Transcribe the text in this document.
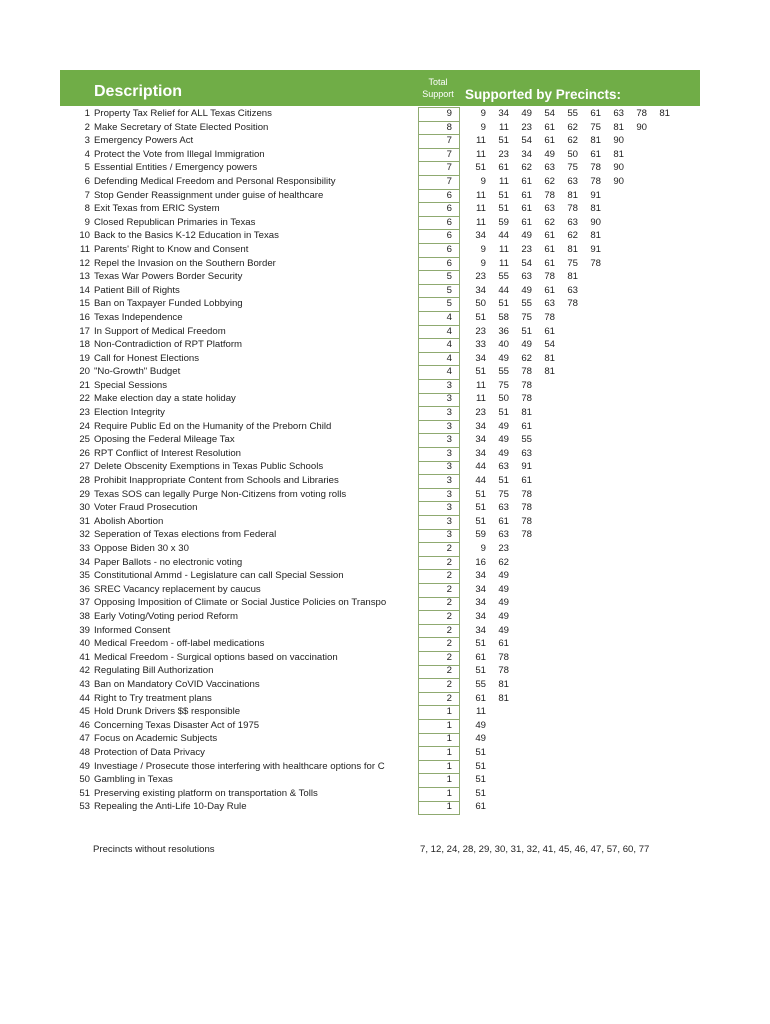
Description
Total Support Supported by Precincts:
1 Property Tax Relief for ALL Texas Citizens	9	9	34	49	54	55	61	63	78	81
2 Make Secretary of State Elected Position	8	9	11	23	61	62	75	81	90
3 Emergency Powers Act	7	11	51	54	61	62	81	90
4 Protect the Vote from Illegal Immigration	7	11	23	34	49	50	61	81
5 Essential Entities / Emergency powers	7	51	61	62	63	75	78	90
6 Defending Medical Freedom and Personal Responsibility	7	9	11	61	62	63	78	90
7 Stop Gender Reassignment under guise of healthcare	6	11	51	61	78	81	91
8 Exit Texas from ERIC System	6	11	51	61	63	78	81
9 Closed Republican Primaries in Texas	6	11	59	61	62	63	90
10 Back to the Basics K-12 Education in Texas	6	34	44	49	61	62	81
11 Parents' Right to Know and Consent	6	9	11	23	61	81	91
12 Repel the Invasion on the Southern Border	6	9	11	54	61	75	78
13 Texas War Powers Border Security	5	23	55	63	78	81
14 Patient Bill of Rights	5	34	44	49	61	63
15 Ban on Taxpayer Funded Lobbying	5	50	51	55	63	78
16 Texas Independence	4	51	58	75	78
17 In Support of Medical Freedom	4	23	36	51	61
18 Non-Contradiction of RPT Platform	4	33	40	49	54
19 Call for Honest Elections	4	34	49	62	81
20 "No-Growth" Budget	4	51	55	78	81
21 Special Sessions	3	11	75	78
22 Make election day a state holiday	3	11	50	78
23 Election Integrity	3	23	51	81
24 Require Public Ed on the Humanity of the Preborn Child	3	34	49	61
25 Oposing the Federal Mileage Tax	3	34	49	55
26 RPT Conflict of Interest Resolution	3	34	49	63
27 Delete Obscenity Exemptions in Texas Public Schools	3	44	63	91
28 Prohibit Inappropriate Content from Schools and Libraries	3	44	51	61
29 Texas SOS can legally Purge Non-Citizens from voting rolls	3	51	75	78
30 Voter Fraud Prosecution	3	51	63	78
31 Abolish Abortion	3	51	61	78
32 Seperation of Texas elections from Federal	3	59	63	78
33 Oppose Biden 30 x 30	2	9	23
34 Paper Ballots - no electronic voting	2	16	62
35 Constitutional Ammd - Legislature can call Special Session	2	34	49
36 SREC Vacancy replacement by caucus	2	34	49
37 Opposing Imposition of Climate or Social Justice Policies on Transpo	2	34	49
38 Early Voting/Voting period Reform	2	34	49
39 Informed Consent	2	34	49
40 Medical Freedom - off-label medications	2	51	61
41 Medical Freedom - Surgical options based on vaccination	2	61	78
42 Regulating Bill Authorization	2	51	78
43 Ban on Mandatory CoVID Vaccinations	2	55	81
44 Right to Try treatment plans	2	61	81
45 Hold Drunk Drivers $$ responsible	1	11
46 Concerning Texas Disaster Act of 1975	1	49
47 Focus on Academic Subjects	1	49
48 Protection of Data Privacy	1	51
49 Investiage / Prosecute those interfering with healthcare options for C	1	51
50 Gambling in Texas	1	51
51 Preserving existing platform on transportation & Tolls	1	51
53 Repealing the Anti-Life 10-Day Rule	1	61
Precincts without resolutions	7, 12, 24, 28, 29, 30, 31, 32, 41, 45, 46, 47, 57, 60, 77
